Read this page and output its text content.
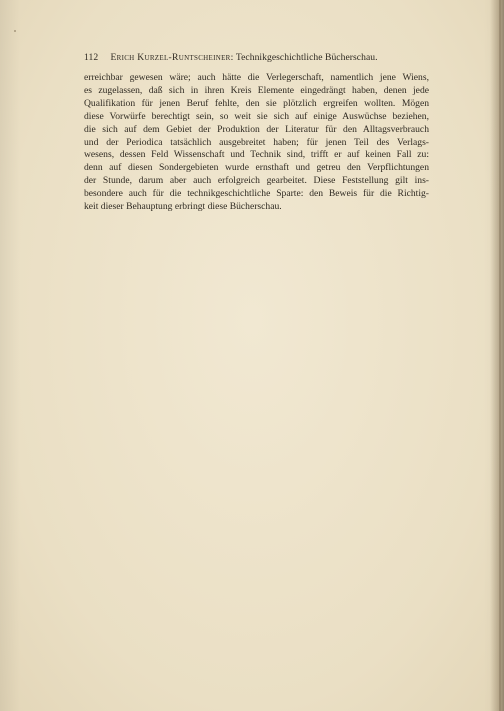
112 Erich Kurzel-Runtscheiner: Technikgeschichtliche Bücherschau.
erreichbar gewesen wäre; auch hätte die Verlegerschaft, namentlich jene Wiens,
es zugelassen, daß sich in ihren Kreis Elemente eingedrängt haben, denen jede
Qualifikation für jenen Beruf fehlte, den sie plötzlich ergreifen wollten. Mögen
diese Vorwürfe berechtigt sein, so weit sie sich auf einige Auswüchse beziehen,
die sich auf dem Gebiet der Produktion der Literatur für den Alltagsverbrauch
und der Periodica tatsächlich ausgebreitet haben; für jenen Teil des Verlags-
wesens, dessen Feld Wissenschaft und Technik sind, trifft er auf keinen Fall zu:
denn auf diesen Sondergebieten wurde ernsthaft und getreu den Verpflichtungen
der Stunde, darum aber auch erfolgreich gearbeitet. Diese Feststellung gilt ins-
besondere auch für die technikgeschichtliche Sparte: den Beweis für die Richtig-
keit dieser Behauptung erbringt diese Bücherschau.
